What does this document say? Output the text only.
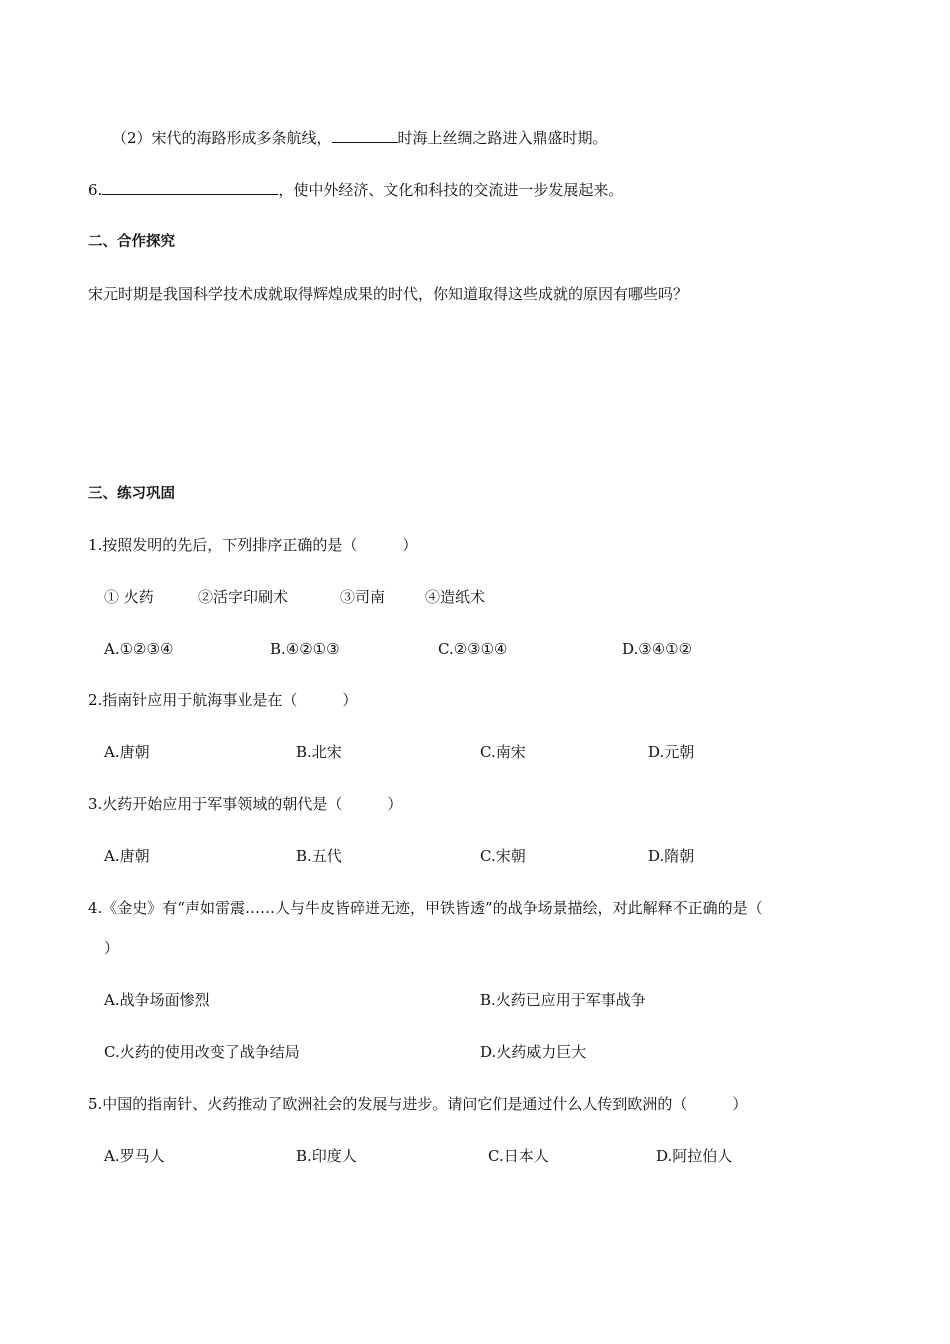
（2）宋代的海路形成多条航线，	时海上丝绸之路进入鼎盛时期。
6.	，使中外经济、文化和科技的交流进一步发展起来。
二、合作探究
宋元时期是我国科学技术成就取得辉煌成果的时代，你知道取得这些成就的原因有哪些吗？
三、练习巩固
1.按照发明的先后，下列排序正确的是（　　　）
① 火药	②活字印刷术	③司南	④造纸术
A.①②③④	B.④②①③	C.②③①④	D.③④①②
2.指南针应用于航海事业是在（　　　）
A.唐朝	B.北宋	C.南宋	D.元朝
3.火药开始应用于军事领域的朝代是（　　　）
A.唐朝	B.五代	C.宋朝	D.隋朝
4.《金史》有“声如雷震……人与牛皮皆碎迸无迹，甲铁皆透”的战争场景描绘，对此解释不正确的是（
）
A.战争场面惨烈	B.火药已应用于军事战争
C.火药的使用改变了战争结局	D.火药威力巨大
5.中国的指南针、火药推动了欧洲社会的发展与进步。请问它们是通过什么人传到欧洲的（　　　）
A.罗马人	B.印度人	C.日本人	D.阿拉伯人
